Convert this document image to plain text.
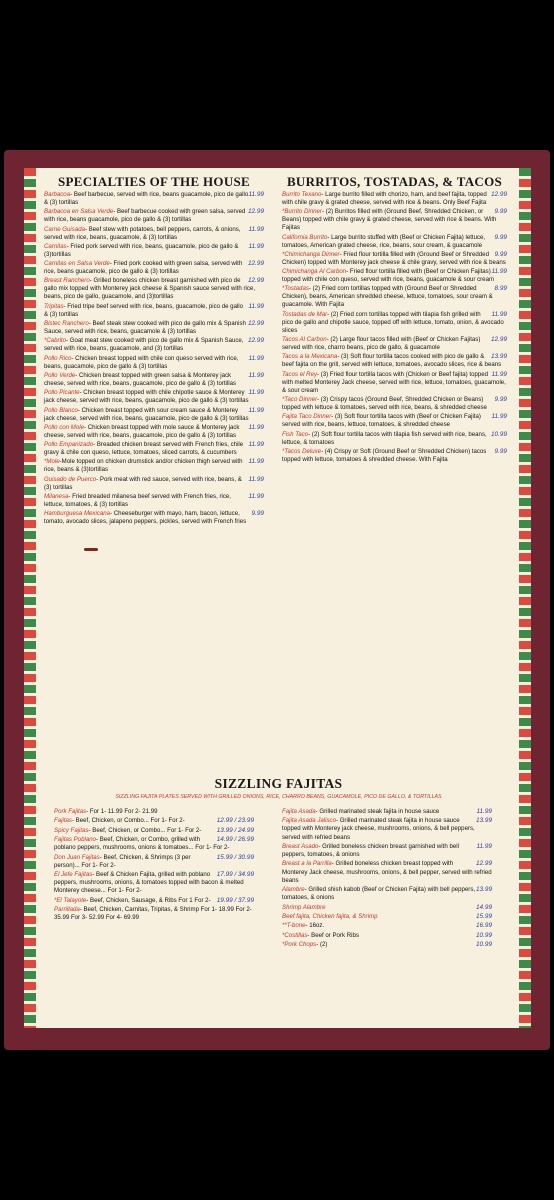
SPECIALTIES OF THE HOUSE
11.99
Barbacoa- Beef barbecue, served with rice, beans guacamole, pico de gallo & (3) tortillas
12.99
Barbacoa en Salsa Verde- Beef barbecue cooked with green salsa, served with rice, beans guacamole, pico de gallo & (3) tortillas
11.99
Carne Guisada- Beef stew with potatoes, bell peppers, carrots, & onions, served with rice, beans, guacamole, & (3) tortillas
11.99
Carnitas- Fried pork served with rice, beans, guacamole, pico de gallo & (3)tortillas
12.99
Carnitas en Salsa Verde- Fried pork cooked with green salsa, served with rice, beans guacamole, pico de gallo & (3) tortillas
12.99
Breast Ranchero- Grilled boneless chicken breast garnished with pico de gallo mix topped with Monterey jack cheese & Spanish sauce served with rice, beans, pico de gallo, guacamole, and (3)tortillas
11.99
Tripitas- Fried tripe beef served with rice, beans, guacamole, pico de gallo & (3) tortillas
12.99
Bistec Ranchero- Beef steak stew cooked with pico de gallo mix & Spanish Sauce, served with rice, beans, guacamole & (3) tortillas
12.99
*Cabrito- Goat meat stew cooked with pico de gallo mix & Spanish Sauce, served with rice, beans, guacamole, and (3) tortillas
11.99
Pollo Rico- Chicken breast topped with chile con queso served with rice, beans, guacamole, pico de gallo & (3) tortillas
11.99
Pollo Verde- Chicken breast topped with green salsa & Monterey jack cheese, served with rice, beans, guacamole, pico de gallo & (3) tortillas
11.99
Pollo Picante- Chicken breast topped with chile chipotle sauce & Monterey jack cheese, served with rice, beans, guacamole, pico de gallo & (3) tortillas
11.99
Pollo Blanco- Chicken breast topped with sour cream sauce & Monterey jack cheese, served with rice, beans, guacamole, pico de gallo & (3) tortillas
11.99
Pollo con Mole- Chicken breast topped with mole sauce & Monterey jack cheese, served with rice, beans, guacamole, pico de gallo & (3) tortillas
11.99
Pollo Empanizado- Breaded chicken breast served with French fries, chile gravy & chile con queso, lettuce, tomatoes, sliced carrots, & cucumbers
11.99
*Mole-Mole topped on chicken drumstick and/or chicken thigh served with rice, beans & (3)tortillas
11.99
Guisado de Puerco- Pork meat with red sauce, served with rice, beans, & (3) tortillas
11.99
Milanesa- Fried breaded milanesa beef served with French fries, rice, lettuce, tomatoes, & (3) tortillas
9.99
Hamburguesa Mexicana- Cheeseburger with mayo, ham, bacon, lettuce, tomato, avocado slices, jalapeno peppers, pickles, served with French fries
BURRITOS, TOSTADAS, & TACOS
12.99
Burrito Texano- Large burrito filled with chorizo, ham, and beef fajita, topped with chile gravy & grated cheese, served with rice & beans. Only Beef Fajita
9.99
*Burrito Dinner- (2) Burritos filled with (Ground Beef, Shredded Chicken, or Beans) topped with chile gravy & grated cheese, served with rice & beans. With Fajitas
9.99
California Burrito- Large burrito stuffed with (Beef or Chicken Fajita) lettuce, tomatoes, American grated cheese, rice, beans, sour cream, & guacamole
9.99
*Chimichanga Dinner- Fried flour tortilla filled with (Ground Beef or Shredded Chicken) topped with Monterey jack cheese & chile gravy, served with rice & beans
11.99
Chimichanga Al Carbon- Fried flour tortilla filled with (Beef or Chicken Fajitas) topped with chile con queso, served with rice, beans, guacamole & sour cream
8.99
*Tostadas- (2) Fried corn tortillas topped with (Ground Beef or Shredded Chicken), beans, American shredded cheese, lettuce, tomatoes, sour cream & guacamole. With Fajita
11.99
Tostadas de Mar- (2) Fried corn tortillas topped with tilapia fish grilled with pico de gallo and chipotle sauce, topped off with lettuce, tomato, onion, & avocado slices
12.99
Tacos Al Carbon- (2) Large flour tacos filled with (Beef or Chicken Fajitas) served with rice, charro beans, pico de gallo, & guacamole
13.99
Tacos a la Mexicana- (3) Soft flour tortilla tacos cooked with pico de gallo & beef fajita on the grill, served with lettuce, tomatoes, avocado slices, rice & beans
11.99
Tacos el Rey- (3) Fried flour tortilla tacos with (Chicken or Beef fajita) topped with melted Monterey Jack cheese, served with rice, lettuce, tomatoes, guacamole, & sour cream
9.99
*Taco Dinner- (3) Crispy tacos (Ground Beef, Shredded Chicken or Beans) topped with lettuce & tomatoes, served with rice, beans, & shredded cheese
11.99
Fajita Taco Dinner- (3) Soft flour tortilla tacos with (Beef or Chicken Fajita) served with rice, beans, lettuce, tomatoes, & shredded cheese
10.99
Fish Taco- (2) Soft flour tortilla tacos with tilapia fish served with rice, beans, lettuce, & tomatoes
9.99
*Tacos Deluxe- (4) Crispy or Soft (Ground Beef or Shredded Chicken) tacos topped with lettuce, tomatoes & shredded cheese. With Fajita
SIZZLING FAJITAS
SIZZLING FAJITA PLATES SERVED WITH GRILLED ONIONS, RICE, CHARRO BEANS, GUACAMOLE, PICO DE GALLO, & TORTILLAS
Pork Fajitas- For 1- 11.99 For 2- 21.99
12.99 / 23.99
Fajitas- Beef, Chicken, or Combo... For 1- For 2-
13.99 / 24.99
Spicy Fajitas- Beef, Chicken, or Combo... For 1- For 2-
14.99 / 26.99
Fajitas Poblano- Beef, Chicken, or Combo, grilled with poblano peppers, mushrooms, onions & tomatoes... For 1- For 2-
15.99 / 30.99
Don Juan Fajitas- Beef, Chicken, & Shrimps (3 per person)... For 1- For 2-
17.99 / 34.99
El Jefe Fajitas- Beef & Chicken Fajita, grilled with poblano peppers, mushrooms, onions, & tomatoes topped with bacon & melted Monterey cheese... For 1- For 2-
19.99 / 37.99
*El Talayote- Beef, Chicken, Sausage, & Ribs For 1 For 2-
Parrillada- Beef, Chicken, Carnitas, Tripitas, & Shrimp For 1- 18.99 For 2- 35.99 For 3- 52.99 For 4- 69.99
11.99
Fajita Asada- Grilled marinated steak fajita in house sauce
13.99
Fajita Asada Jalisco- Grilled marinated steak fajita in house sauce topped with Monterey jack cheese, mushrooms, onions, & bell peppers, served with refried beans
11.99
Breast Asado- Grilled boneless chicken breast garnished with bell peppers, tomatoes, & onions
12.99
Breast a la Parrilla- Grilled boneless chicken breast topped with Monterey Jack cheese, mushrooms, onions, & bell pepper, served with refried beans
13.99
Alambre- Grilled shish kabob (Beef or Chicken Fajita) with bell peppers, tomatoes, & onions
14.99
Shrimp Alambre
15.99
Beef fajita, Chicken fajita, & Shrimp
16.99
**T-bone- 16oz.
10.99
*Costillas- Beef or Pork Ribs
10.99
*Pork Chops- (2)
